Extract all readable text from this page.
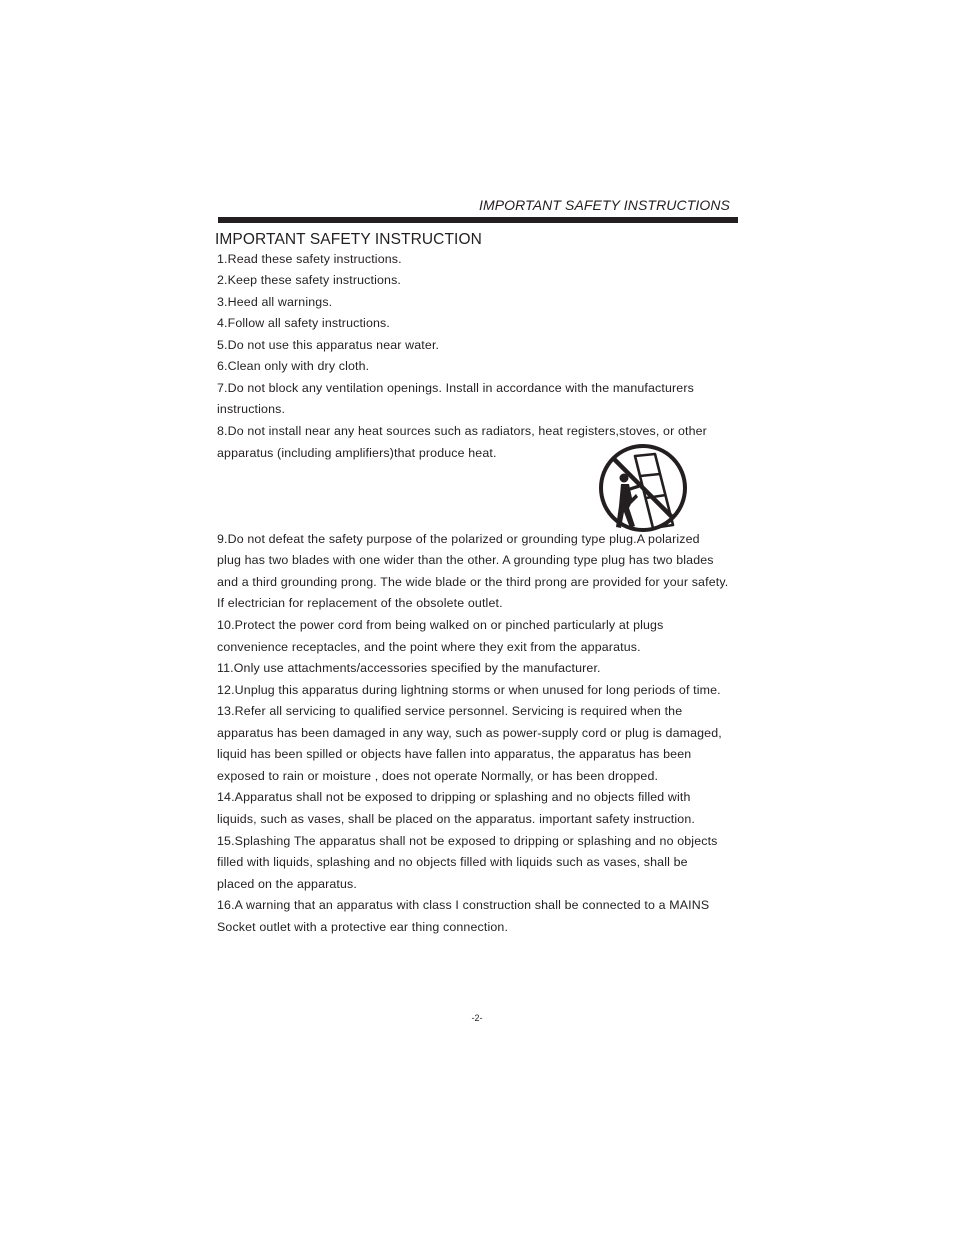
IMPORTANT SAFETY INSTRUCTIONS
IMPORTANT SAFETY INSTRUCTION
1.Read these safety instructions.
2.Keep these safety instructions.
3.Heed all warnings.
4.Follow all safety instructions.
5.Do not use this apparatus near water.
6.Clean only with dry cloth.
7.Do not block any ventilation openings. Install in accordance with the manufacturers
instructions.
8.Do not install near any heat sources such as radiators, heat registers,stoves, or other
apparatus (including amplifiers)that produce heat.
9.Do not defeat the safety purpose of the polarized or grounding type plug.A polarized
plug has two blades with one wider than the other. A grounding type plug has two blades
and a third grounding prong. The wide blade or the third prong are provided for your safety.
If electrician for replacement of the obsolete outlet.
10.Protect the power cord from being walked on or pinched particularly at plugs
convenience receptacles, and the point where they exit from the apparatus.
11.Only use attachments/accessories specified by the manufacturer.
12.Unplug this apparatus during lightning storms or when unused for long periods of time.
13.Refer all servicing to qualified service personnel. Servicing is required when the
apparatus has been damaged in any way, such as power-supply cord or plug is damaged,
liquid has been spilled or objects have fallen into apparatus, the apparatus has been
exposed to rain or moisture , does not operate Normally, or has been dropped.
14.Apparatus shall not be exposed to dripping or splashing and no objects filled with
liquids, such as vases, shall be placed on the apparatus. important safety instruction.
15.Splashing The apparatus shall not be exposed to dripping or splashing and no objects
filled with liquids, splashing and no objects filled with liquids such as vases, shall be
placed on the apparatus.
16.A warning that an apparatus with class I construction shall be connected to a MAINS
Socket outlet with a protective ear thing connection.
-2-
